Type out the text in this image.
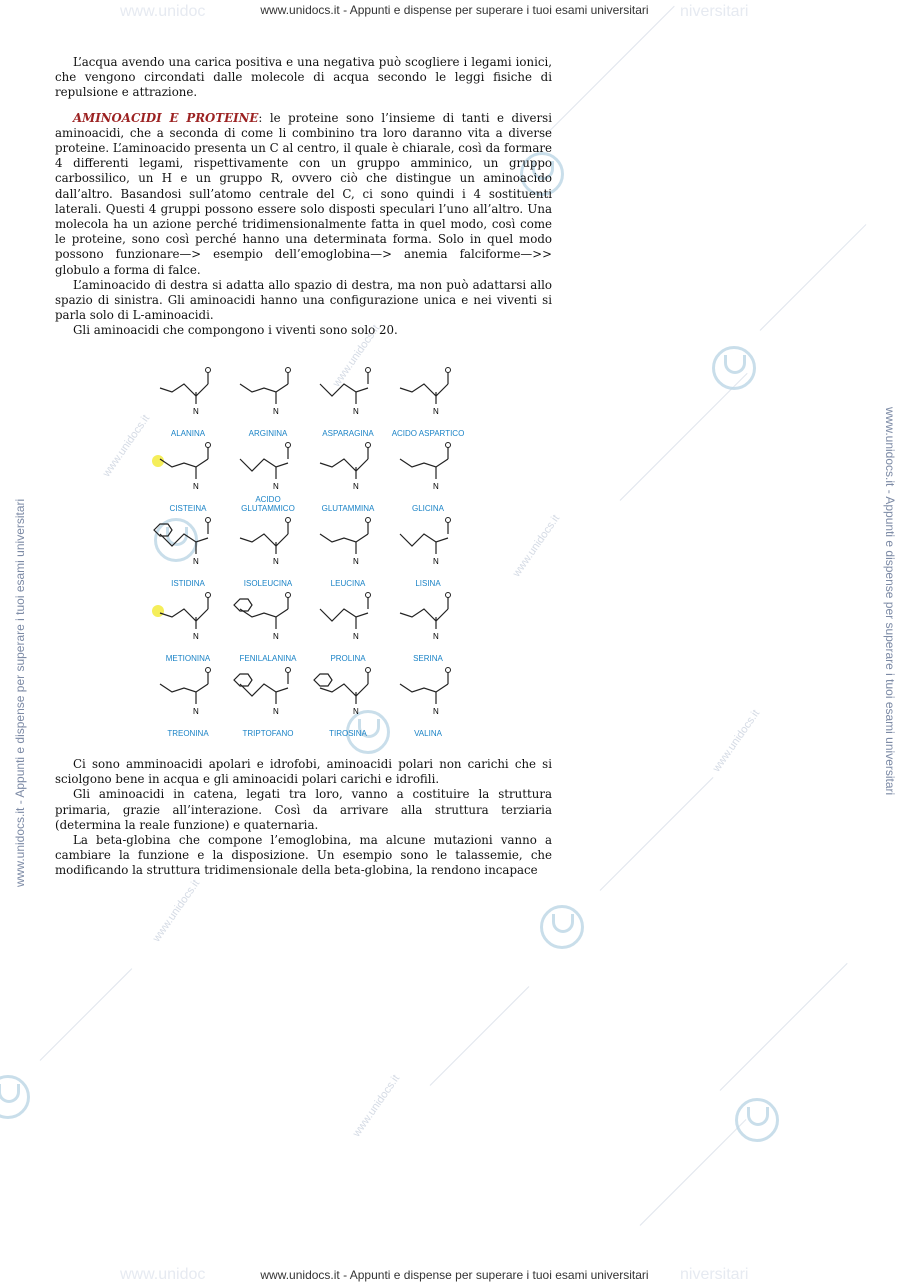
www.unidoc	niversitari
www.unidoc	niversitari
www.unidocs.it
www.unidocs.it
www.unidocs.it
www.unidocs.it
www.unidocs.it
www.unidocs.it
www.unidocs.it - Appunti e dispense per superare i tuoi esami universitari
www.unidocs.it - Appunti e dispense per superare i tuoi esami universitari
www.unidocs.it - Appunti e dispense per superare i tuoi esami universitari	www.unidocs.it - Appunti e dispense per superare i tuoi esami universitari

L’acqua avendo una carica positiva e una negativa può scogliere i legami ionici, che vengono circondati dalle molecole di acqua secondo le leggi fisiche di repulsione e attrazione.

AMINOACIDI E PROTEINE: le proteine sono l’insieme di tanti e diversi aminoacidi, che a seconda di come li combinino tra loro daranno vita a diverse proteine. L’aminoacido presenta un C al centro, il quale è chiarale, così da formare 4 differenti legami, rispettivamente con un gruppo amminico, un gruppo carbossilico, un H e un gruppo R, ovvero ciò che distingue un aminoacido dall’altro. Basandosi sull’atomo centrale del C, ci sono quindi i 4 sostituenti laterali. Questi 4 gruppi possono essere solo disposti speculari l’uno all’altro. Una molecola ha un azione perché tridimensionalmente fatta in quel modo, così come le proteine, sono così perché hanno una determinata forma. Solo in quel modo possono funzionare—> esempio dell’emoglobina—> anemia falciforme—>> globulo a forma di falce.

L’aminoacido di destra si adatta allo spazio di destra, ma non può adattarsi allo spazio di sinistra. Gli aminoacidi hanno una configurazione unica e nei viventi si parla solo di L-aminoacidi.

Gli aminoacidi che compongono i viventi sono solo 20.

N
ALANINA
N
ARGININA
N
ASPARAGINA
N
ACIDO ASPARTICO
N
CISTEINA
N
ACIDO GLUTAMMICO
N
GLUTAMMINA
N
GLICINA
N
ISTIDINA
N
ISOLEUCINA
N
LEUCINA
N
LISINA
N
METIONINA
N
FENILALANINA
N
PROLINA
N
SERINA
N
TREONINA
N
TRIPTOFANO
N
TIROSINA
N
VALINA

Ci sono amminoacidi apolari e idrofobi, aminoacidi polari non carichi che si sciolgono bene in acqua e gli aminoacidi polari carichi e idrofili.

Gli aminoacidi in catena, legati tra loro, vanno a costituire la struttura primaria, grazie all’interazione. Così da arrivare alla struttura terziaria (determina la reale funzione) e quaternaria.

La beta-globina che compone l’emoglobina, ma alcune mutazioni vanno a cambiare la funzione e la disposizione. Un esempio sono le talassemie, che modificando la struttura tridimensionale della beta-globina, la rendono incapace
